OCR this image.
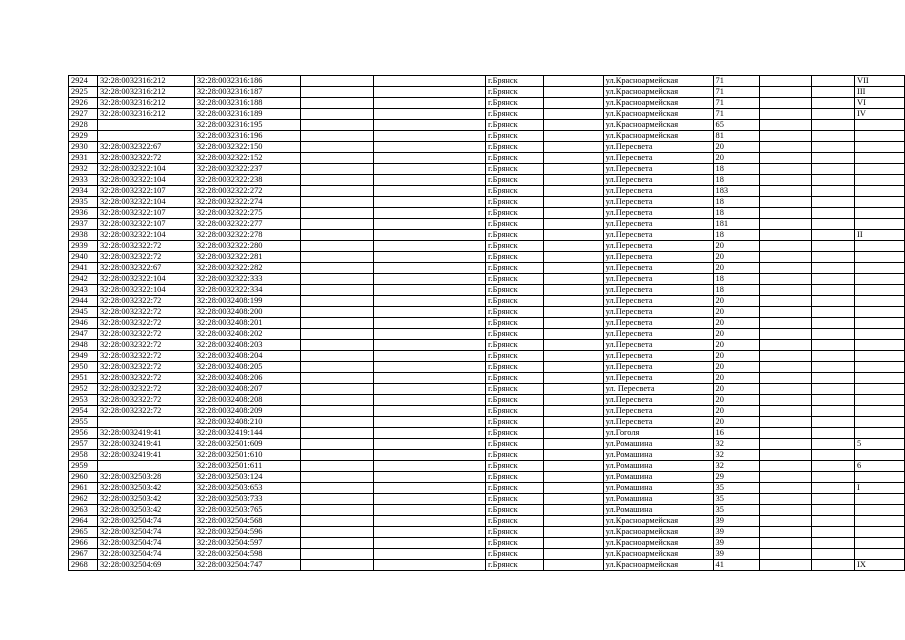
2924	32:28:0032316:212	32:28:0032316:186			г.Брянск		ул.Красноармейская	71			VII
2925	32:28:0032316:212	32:28:0032316:187			г.Брянск		ул.Красноармейская	71			III
2926	32:28:0032316:212	32:28:0032316:188			г.Брянск		ул.Красноармейская	71			VI
2927	32:28:0032316:212	32:28:0032316:189			г.Брянск		ул.Красноармейская	71			IV
2928		32:28:0032316:195			г.Брянск		ул.Красноармейская	65			
2929		32:28:0032316:196			г.Брянск		ул.Красноармейская	81			
2930	32:28:0032322:67	32:28:0032322:150			г.Брянск		ул.Пересвета	20			
2931	32:28:0032322:72	32:28:0032322:152			г.Брянск		ул.Пересвета	20			
2932	32:28:0032322:104	32:28:0032322:237			г.Брянск		ул.Пересвета	18			
2933	32:28:0032322:104	32:28:0032322:238			г.Брянск		ул.Пересвета	18			
2934	32:28:0032322:107	32:28:0032322:272			г.Брянск		ул.Пересвета	183			
2935	32:28:0032322:104	32:28:0032322:274			г.Брянск		ул.Пересвета	18			
2936	32:28:0032322:107	32:28:0032322:275			г.Брянск		ул.Пересвета	18			
2937	32:28:0032322:107	32:28:0032322:277			г.Брянск		ул.Пересвета	181			
2938	32:28:0032322:104	32:28:0032322:278			г.Брянск		ул.Пересвета	18			II
2939	32:28:0032322:72	32:28:0032322:280			г.Брянск		ул.Пересвета	20			
2940	32:28:0032322:72	32:28:0032322:281			г.Брянск		ул.Пересвета	20			
2941	32:28:0032322:67	32:28:0032322:282			г.Брянск		ул.Пересвета	20			
2942	32:28:0032322:104	32:28:0032322:333			г.Брянск		ул.Пересвета	18			
2943	32:28:0032322:104	32:28:0032322:334			г.Брянск		ул.Пересвета	18			
2944	32:28:0032322:72	32:28:0032408:199			г.Брянск		ул.Пересвета	20			
2945	32:28:0032322:72	32:28:0032408:200			г.Брянск		ул.Пересвета	20			
2946	32:28:0032322:72	32:28:0032408:201			г.Брянск		ул.Пересвета	20			
2947	32:28:0032322:72	32:28:0032408:202			г.Брянск		ул.Пересвета	20			
2948	32:28:0032322:72	32:28:0032408:203			г.Брянск		ул.Пересвета	20			
2949	32:28:0032322:72	32:28:0032408:204			г.Брянск		ул.Пересвета	20			
2950	32:28:0032322:72	32:28:0032408:205			г.Брянск		ул.Пересвета	20			
2951	32:28:0032322:72	32:28:0032408:206			г.Брянск		ул.Пересвета	20			
2952	32:28:0032322:72	32:28:0032408:207			г.Брянск		ул. Пересвета	20			
2953	32:28:0032322:72	32:28:0032408:208			г.Брянск		ул.Пересвета	20			
2954	32:28:0032322:72	32:28:0032408:209			г.Брянск		ул.Пересвета	20			
2955		32:28:0032408:210			г.Брянск		ул.Пересвета	20			
2956	32:28:0032419:41	32:28:0032419:144			г.Брянск		ул.Гоголя	16			
2957	32:28:0032419:41	32:28:0032501:609			г.Брянск		ул.Ромашина	32			5
2958	32:28:0032419:41	32:28:0032501:610			г.Брянск		ул.Ромашина	32			
2959		32:28:0032501:611			г.Брянск		ул.Ромашина	32			6
2960	32:28:0032503:28	32:28:0032503:124			г.Брянск		ул.Ромашина	29			
2961	32:28:0032503:42	32:28:0032503:653			г.Брянск		ул.Ромашина	35			I
2962	32:28:0032503:42	32:28:0032503:733			г.Брянск		ул.Ромашина	35			
2963	32:28:0032503:42	32:28:0032503:765			г.Брянск		ул.Ромашина	35			
2964	32:28:0032504:74	32:28:0032504:568			г.Брянск		ул.Красноармейская	39			
2965	32:28:0032504:74	32:28:0032504:596			г.Брянск		ул.Красноармейская	39			
2966	32:28:0032504:74	32:28:0032504:597			г.Брянск		ул.Красноармейская	39			
2967	32:28:0032504:74	32:28:0032504:598			г.Брянск		ул.Красноармейская	39			
2968	32:28:0032504:69	32:28:0032504:747			г.Брянск		ул.Красноармейская	41			IX
